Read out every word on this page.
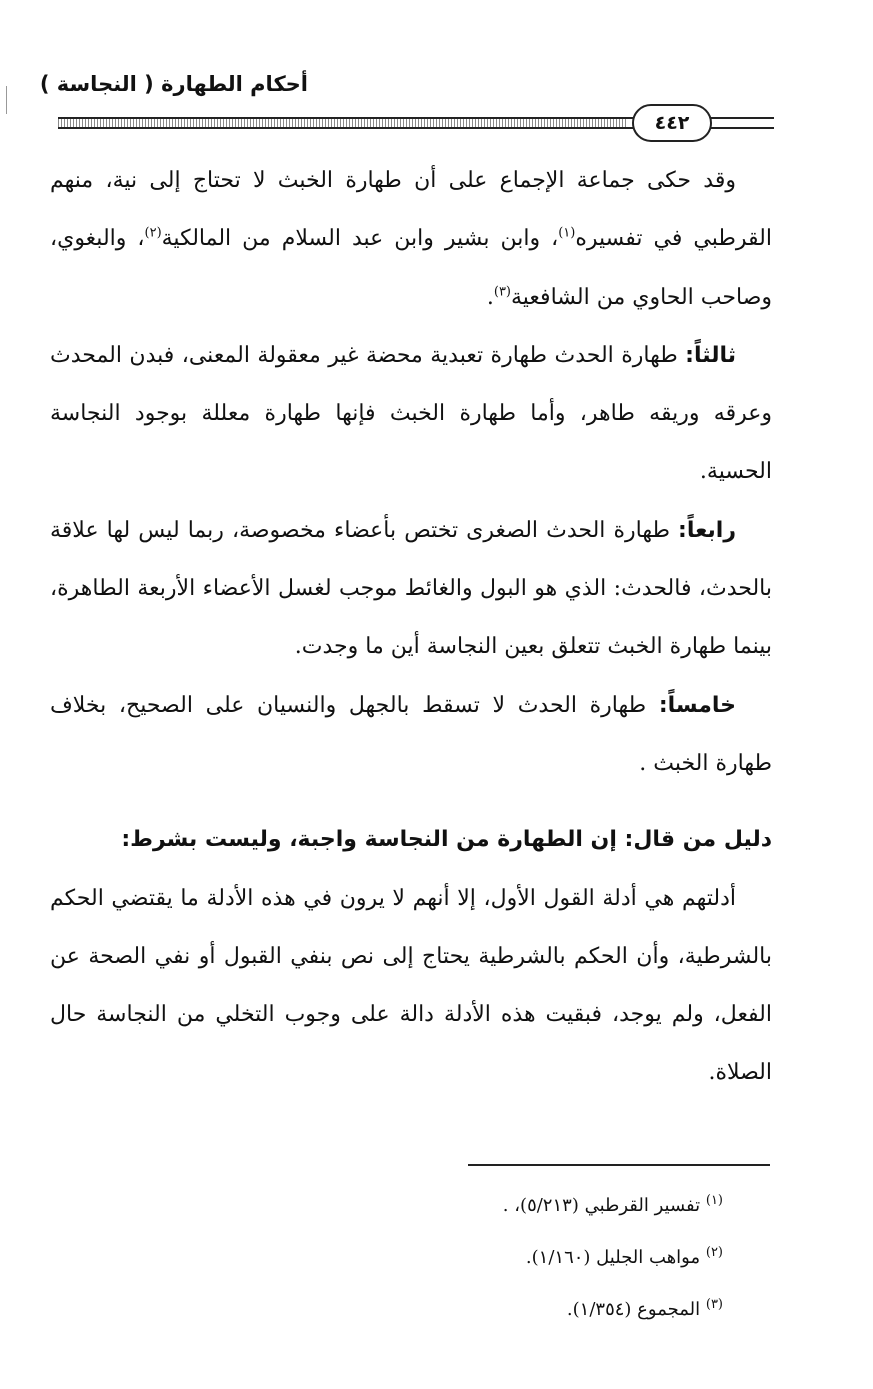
أحكام الطهارة ( النجاسة )
٤٤٢

وقد حكى جماعة الإجماع على أن طهارة الخبث لا تحتاج إلى نية، منهم القرطبي في تفسيره$^{(١)}$، وابن بشير وابن عبد السلام من المالكية$^{(٢)}$، والبغوي، وصاحب الحاوي من الشافعية$^{(٣)}$.

ثالثاً: طهارة الحدث طهارة تعبدية محضة غير معقولة المعنى، فبدن المحدث وعرقه وريقه طاهر، وأما طهارة الخبث فإنها طهارة معللة بوجود النجاسة الحسية.

رابعاً: طهارة الحدث الصغرى تختص بأعضاء مخصوصة، ربما ليس لها علاقة بالحدث، فالحدث: الذي هو البول والغائط موجب لغسل الأعضاء الأربعة الطاهرة، بينما طهارة الخبث تتعلق بعين النجاسة أين ما وجدت.

خامساً: طهارة الحدث لا تسقط بالجهل والنسيان على الصحيح، بخلاف طهارة الخبث .

دليل من قال: إن الطهارة من النجاسة واجبة، وليست بشرط:

أدلتهم هي أدلة القول الأول، إلا أنهم لا يرون في هذه الأدلة ما يقتضي الحكم بالشرطية، وأن الحكم بالشرطية يحتاج إلى نص بنفي القبول أو نفي الصحة عن الفعل، ولم يوجد، فبقيت هذه الأدلة دالة على وجوب التخلي من النجاسة حال الصلاة.

$^{(١)}$ تفسير القرطبي (٥/٢١٣)، .

$^{(٢)}$ مواهب الجليل (١/١٦٠).

$^{(٣)}$ المجموع (١/٣٥٤).
